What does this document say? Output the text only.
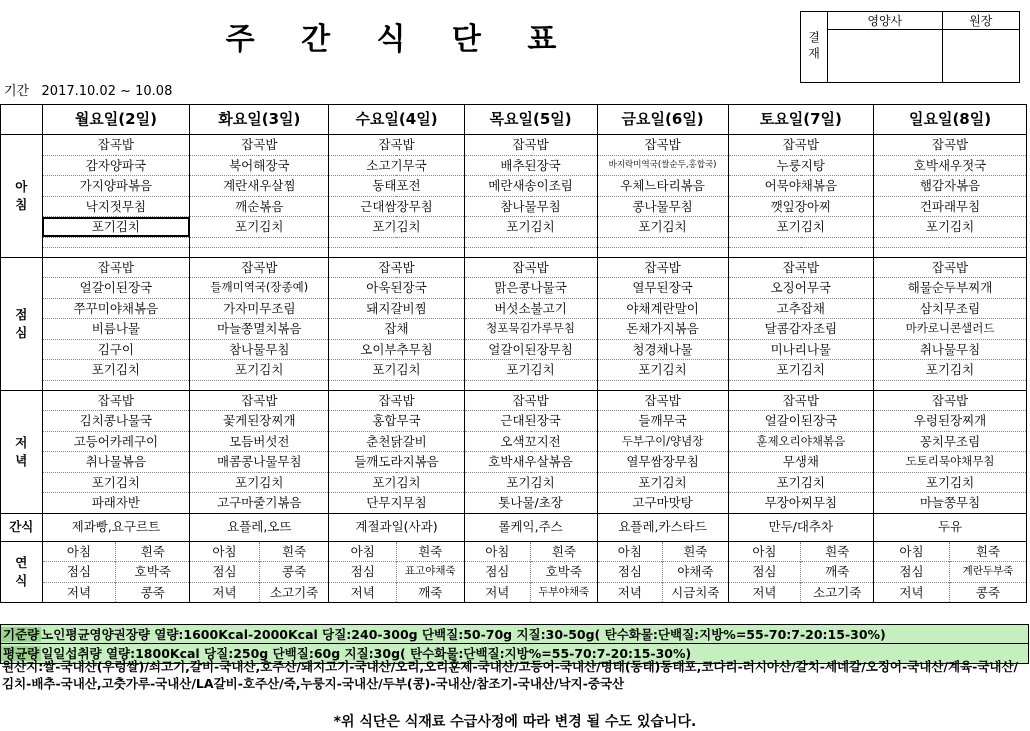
주 간 식 단 표	결재	영양사	원장

기간 2017.10.02 ~ 10.08
	월요일(2일)		화요일(3일)		수요일(4일)		목요일(5일)		금요일(6일)		토요일(7일)		일요일(8일)	
아
침	잡곡밥		잡곡밥		잡곡밥		잡곡밥		잡곡밥		잡곡밥		잡곡밥	
	감자양파국		북어해장국		소고기무국		배추된장국		바지락미역국(쌀순두,홍합국)		누룽지탕		호박새우젓국	
	가지양파볶음		계란새우살찜		동태포전		메란새송이조림		우체느타리볶음		어묵야채볶음		햄감자볶음	
	낙지젓무침		깨순볶음		근대쌈장무침		참나물무침		콩나물무침		깻잎장아찌		건파래무침	
	포기김치		포기김치		포기김치		포기김치		포기김치		포기김치		포기김치	

점
심	잡곡밥		잡곡밥		잡곡밥		잡곡밥		잡곡밥		잡곡밥		잡곡밥	
	얼갈이된장국		들깨미역국(장종예)		아욱된장국		맑은콩나물국		열무된장국		오징어무국		해물순두부찌개	
	쭈꾸미야채볶음		가자미무조림		돼지갈비찜		버섯소불고기		야채계란말이		고추잡채		삼치무조림	
	비름나물		마늘쫑멸치볶음		잡채		청포묵김가루무침		돈채가지볶음		달콤감자조림		마카로니콘샐러드	
	김구이		참나물무침		오이부추무침		얼갈이된장무침		청경채나물		미나리나물		취나물무침	
	포기김치		포기김치		포기김치		포기김치		포기김치		포기김치		포기김치	

저
녁	잡곡밥		잡곡밥		잡곡밥		잡곡밥		잡곡밥		잡곡밥		잡곡밥	
	김치콩나물국		꽃게된장찌개		홍합무국		근대된장국		들깨무국		얼갈이된장국		우렁된장찌개	
	고등어카레구이		모듬버섯전		춘천닭갈비		오색꼬지전		두부구이/양념장		훈제오리야채볶음		꽁치무조림	
	취나물볶음		매콤콩나물무침		들깨도라지볶음		호박새우살볶음		열무쌈장무침		무생채		도토리묵야채무침	
	포기김치		포기김치		포기김치		포기김치		포기김치		포기김치		포기김치	
	파래자반		고구마줄기볶음		단무지무침		톳나물/초장		고구마맛탕		무장아찌무침		마늘쫑무침	
간식	제과빵,요구르트		요플레,오뜨		계절과일(사과)		롤케익,주스		요플레,카스타드		만두/대추차		두유	
연
식	아침	흰죽	아침	흰죽	아침	흰죽	아침	흰죽	아침	흰죽	아침	흰죽	아침	흰죽
	점심	호박죽	점심	콩죽	점심	표고야채죽	점심	호박죽	점심	야채죽	점심	깨죽	점심	계란두부죽
	저녁	콩죽	저녁	소고기죽	저녁	깨죽	저녁	두부야채죽	저녁	시금치죽	저녁	소고기죽	저녁	콩죽
기준량 노인평균영양권장량 열량:1600Kcal-2000Kcal 당질:240-300g 단백질:50-70g 지질:30-50g( 탄수화물:단백질:지방%=55-70:7-20:15-30%)
평균량 일일섭취량 열량:1800Kcal 당질:250g 단백질:60g 지질:30g( 탄수화물:단백질:지방%=55-70:7-20:15-30%)
원산지:쌀-국내산(우렁쌀)/쇠고기,갈비-국내산,호주산/돼지고기-국내산/오리,오리훈제-국내산/고등어-국내산/명태(동태)동태포,코다리-러시아산/갈치-세네갈/오징어-국내산/계육-국내산/김치-배추-국내산,고춧가루-국내산/LA갈비-호주산/죽,누룽지-국내산/두부(콩)-국내산/참조기-국내산/낙지-중국산
*위 식단은 식재료 수급사정에 따라 변경 될 수도 있습니다.
